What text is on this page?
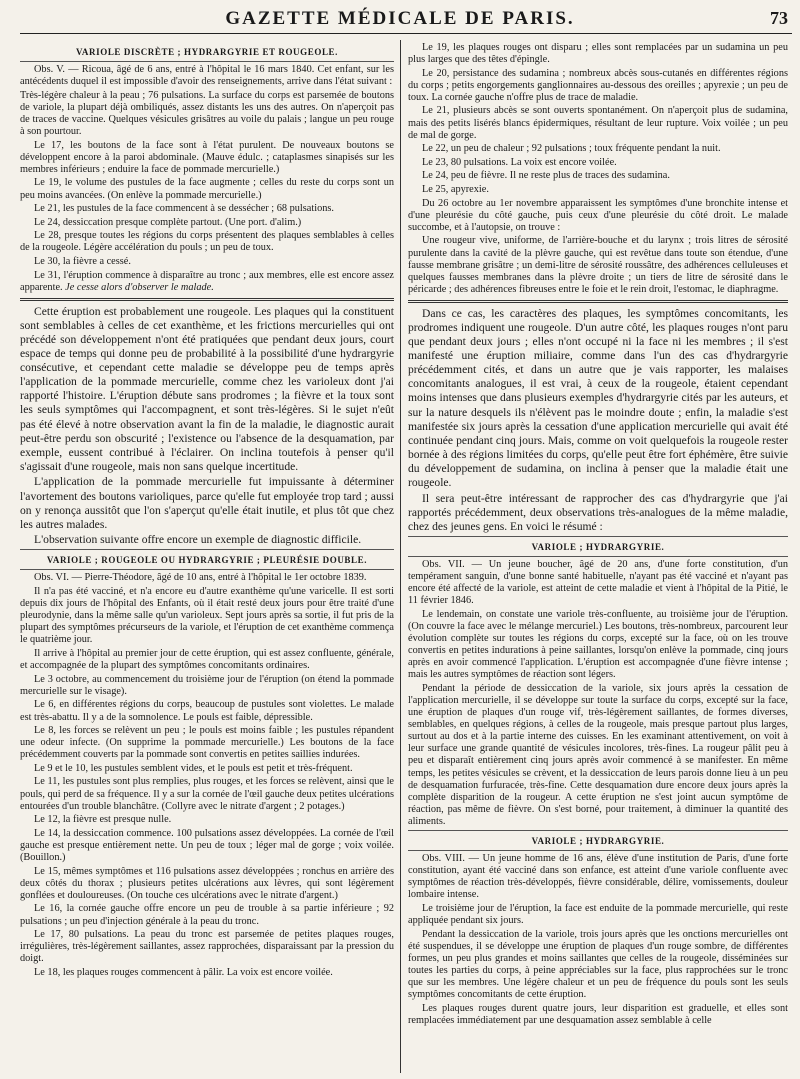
GAZETTE MÉDICALE DE PARIS.	73
VARIOLE DISCRÈTE ; HYDRARGYRIE ET ROUGEOLE.
Obs. V. — Ricoua, âgé de 6 ans, entré à l'hôpital le 16 mars 1840. Cet enfant, sur les antécédents duquel il est impossible d'avoir des renseignements, arrive dans l'état suivant :
Très-légère chaleur à la peau ; 76 pulsations. La surface du corps est parsemée de boutons de variole, la plupart déjà ombiliqués, assez distants les uns des autres. On n'aperçoit pas de traces de vaccine. Quelques vésicules grisâtres au voile du palais ; langue un peu rouge à son pourtour.
Le 17, les boutons de la face sont à l'état purulent. De nouveaux boutons se développent encore à la paroi abdominale. (Mauve édulc. ; cataplasmes sinapisés sur les membres inférieurs ; enduire la face de pommade mercurielle.)
Le 19, le volume des pustules de la face augmente ; celles du reste du corps sont un peu moins avancées. (On enlève la pommade mercurielle.)
Le 21, les pustules de la face commencent à se dessécher ; 68 pulsations.
Le 24, dessiccation presque complète partout. (Une port. d'alim.)
Le 28, presque toutes les régions du corps présentent des plaques semblables à celles de la rougeole. Légère accélération du pouls ; un peu de toux.
Le 30, la fièvre a cessé.
Le 31, l'éruption commence à disparaître au tronc ; aux membres, elle est encore assez apparente. Je cesse alors d'observer le malade.
Cette éruption est probablement une rougeole. Les plaques qui la constituent sont semblables à celles de cet exanthème, et les frictions mercurielles qui ont précédé son développement n'ont été pratiquées que pendant deux jours, court espace de temps qui donne peu de probabilité à la possibilité d'une hydrargyrie consécutive, et cependant cette maladie se développe peu de temps après l'application de la pommade mercurielle, comme chez les varioleux dont j'ai rapporté l'histoire. L'éruption débute sans prodromes ; la fièvre et la toux sont les seuls symptômes qui l'accompagnent, et sont très-légères. Si le sujet n'eût pas été élevé à notre observation avant la fin de la maladie, le diagnostic aurait peut-être perdu son obscurité ; l'existence ou l'absence de la desquamation, par exemple, eussent contribué à l'éclairer. On inclina toutefois à penser qu'il s'agissait d'une rougeole, mais non sans quelque incertitude.
L'application de la pommade mercurielle fut impuissante à déterminer l'avortement des boutons varioliques, parce qu'elle fut employée trop tard ; aussi on y renonça aussitôt que l'on s'aperçut qu'elle était inutile, et plus tôt que chez les autres malades.
L'observation suivante offre encore un exemple de diagnostic difficile.
VARIOLE ; ROUGEOLE OU HYDRARGYRIE ; PLEURÉSIE DOUBLE.
Obs. VI. — Pierre-Théodore, âgé de 10 ans, entré à l'hôpital le 1er octobre 1839.
Il n'a pas été vacciné, et n'a encore eu d'autre exanthème qu'une varicelle. Il est sorti depuis dix jours de l'hôpital des Enfants, où il était resté deux jours pour être traité d'une pleurodynie, dans la même salle qu'un varioleux. Sept jours après sa sortie, il fut pris de la plupart des symptômes précurseurs de la variole, et l'éruption de cet exanthème commença le quatrième jour.
Il arrive à l'hôpital au premier jour de cette éruption, qui est assez confluente, générale, et accompagnée de la plupart des symptômes concomitants ordinaires.
Le 3 octobre, au commencement du troisième jour de l'éruption (on étend la pommade mercurielle sur le visage).
Le 6, en différentes régions du corps, beaucoup de pustules sont violettes. Le malade est très-abattu. Il y a de la somnolence. Le pouls est faible, dépressible.
Le 8, les forces se relèvent un peu ; le pouls est moins faible ; les pustules répandent une odeur infecte. (On supprime la pommade mercurielle.) Les boutons de la face précédemment couverts par la pommade sont convertis en petites saillies indurées.
Le 9 et le 10, les pustules semblent vides, et le pouls est petit et très-fréquent.
Le 11, les pustules sont plus remplies, plus rouges, et les forces se relèvent, ainsi que le pouls, qui perd de sa fréquence. Il y a sur la cornée de l'œil gauche deux petites ulcérations entourées d'un trouble blanchâtre. (Collyre avec le nitrate d'argent ; 2 potages.)
Le 12, la fièvre est presque nulle.
Le 14, la dessiccation commence. 100 pulsations assez développées. La cornée de l'œil gauche est presque entièrement nette. Un peu de toux ; léger mal de gorge ; voix voilée. (Bouillon.)
Le 15, mêmes symptômes et 116 pulsations assez développées ; ronchus en arrière des deux côtés du thorax ; plusieurs petites ulcérations aux lèvres, qui sont légèrement gonflées et douloureuses. (On touche ces ulcérations avec le nitrate d'argent.)
Le 16, la cornée gauche offre encore un peu de trouble à sa partie inférieure ; 92 pulsations ; un peu d'injection générale à la peau du tronc.
Le 17, 80 pulsations. La peau du tronc est parsemée de petites plaques rouges, irrégulières, très-légèrement saillantes, assez rapprochées, disparaissant par la pression du doigt.
Le 18, les plaques rouges commencent à pâlir. La voix est encore voilée.
Le 19, les plaques rouges ont disparu ; elles sont remplacées par un sudamina un peu plus larges que des têtes d'épingle.
Le 20, persistance des sudamina ; nombreux abcès sous-cutanés en différentes régions du corps ; petits engorgements ganglionnaires au-dessous des oreilles ; apyrexie ; un peu de toux. La cornée gauche n'offre plus de trace de maladie.
Le 21, plusieurs abcès se sont ouverts spontanément. On n'aperçoit plus de sudamina, mais des petits lisérés blancs épidermiques, résultant de leur rupture. Voix voilée ; un peu de mal de gorge.
Le 22, un peu de chaleur ; 92 pulsations ; toux fréquente pendant la nuit.
Le 23, 80 pulsations. La voix est encore voilée.
Le 24, peu de fièvre. Il ne reste plus de traces des sudamina.
Le 25, apyrexie.
Du 26 octobre au 1er novembre apparaissent les symptômes d'une bronchite intense et d'une pleurésie du côté gauche, puis ceux d'une pleurésie du côté droit. Le malade succombe, et à l'autopsie, on trouve :
Une rougeur vive, uniforme, de l'arrière-bouche et du larynx ; trois litres de sérosité purulente dans la cavité de la plèvre gauche, qui est revêtue dans toute son étendue, d'une fausse membrane grisâtre ; un demi-litre de sérosité roussâtre, des adhérences celluleuses et quelques fausses membranes dans la plèvre droite ; un tiers de litre de sérosité dans le péricarde ; des adhérences fibreuses entre le foie et le rein droit, l'estomac, le diaphragme.
Dans ce cas, les caractères des plaques, les symptômes concomitants, les prodromes indiquent une rougeole. D'un autre côté, les plaques rouges n'ont paru que pendant deux jours ; elles n'ont occupé ni la face ni les membres ; il s'est manifesté une éruption miliaire, comme dans l'un des cas d'hydrargyrie précédemment cités, et dans un autre que je vais rapporter, les malaises concomitants analogues, il est vrai, à ceux de la rougeole, étaient cependant moins intenses que dans plusieurs exemples d'hydrargyrie cités par les auteurs, et sur la nature desquels ils n'élèvent pas le moindre doute ; enfin, la maladie s'est manifestée six jours après la cessation d'une application mercurielle qui avait été continuée pendant cinq jours. Mais, comme on voit quelquefois la rougeole rester bornée à des régions limitées du corps, qu'elle peut être fort éphémère, être suivie du développement de sudamina, on inclina à penser que la maladie était une rougeole.
Il sera peut-être intéressant de rapprocher des cas d'hydrargyrie que j'ai rapportés précédemment, deux observations très-analogues de la même maladie, chez des jeunes gens. En voici le résumé :
VARIOLE ; HYDRARGYRIE.
Obs. VII. — Un jeune boucher, âgé de 20 ans, d'une forte constitution, d'un tempérament sanguin, d'une bonne santé habituelle, n'ayant pas été vacciné et n'ayant pas encore été affecté de la variole, est atteint de cette maladie et vient à l'hôpital de la Pitié, le 11 février 1846.
Le lendemain, on constate une variole très-confluente, au troisième jour de l'éruption. (On couvre la face avec le mélange mercuriel.) Les boutons, très-nombreux, parcourent leur évolution complète sur toutes les régions du corps, excepté sur la face, où on les trouve convertis en petites indurations à peine saillantes, lorsqu'on enlève la pommade, cinq jours après en avoir commencé l'application. L'éruption est accompagnée d'une fièvre intense ; mais les autres symptômes de réaction sont légers.
Pendant la période de dessiccation de la variole, six jours après la cessation de l'application mercurielle, il se développe sur toute la surface du corps, excepté sur la face, une éruption de plaques d'un rouge vif, très-légèrement saillantes, de formes diverses, semblables, en quelques régions, à celles de la rougeole, mais presque partout plus larges, surtout au dos et à la partie interne des cuisses. En les examinant attentivement, on voit à leur surface une grande quantité de vésicules incolores, très-fines. La rougeur pâlit peu à peu et disparaît entièrement cinq jours après avoir commencé à se manifester. En même temps, les petites vésicules se crèvent, et la dessiccation de leurs parois donne lieu à un peu de desquamation furfuracée, très-fine. Cette desquamation dure encore deux jours après la complète disparition de la rougeur. A cette éruption ne s'est joint aucun symptôme de réaction, pas même de fièvre. On s'est borné, pour traitement, à diminuer la quantité des aliments.
VARIOLE ; HYDRARGYRIE.
Obs. VIII. — Un jeune homme de 16 ans, élève d'une institution de Paris, d'une forte constitution, ayant été vacciné dans son enfance, est atteint d'une variole confluente avec symptômes de réaction très-développés, fièvre considérable, délire, vomissements, douleur lombaire intense.
Le troisième jour de l'éruption, la face est enduite de la pommade mercurielle, qui reste appliquée pendant six jours.
Pendant la dessiccation de la variole, trois jours après que les onctions mercurielles ont été suspendues, il se développe une éruption de plaques d'un rouge sombre, de différentes formes, un peu plus grandes et moins saillantes que celles de la rougeole, disséminées sur toutes les parties du corps, à peine appréciables sur la face, plus rapprochées sur le tronc que sur les membres. Une légère chaleur et un peu de fréquence du pouls sont les seuls symptômes concomitants de cette éruption.
Les plaques rouges durent quatre jours, leur disparition est graduelle, et elles sont remplacées immédiatement par une desquamation assez semblable à celle
